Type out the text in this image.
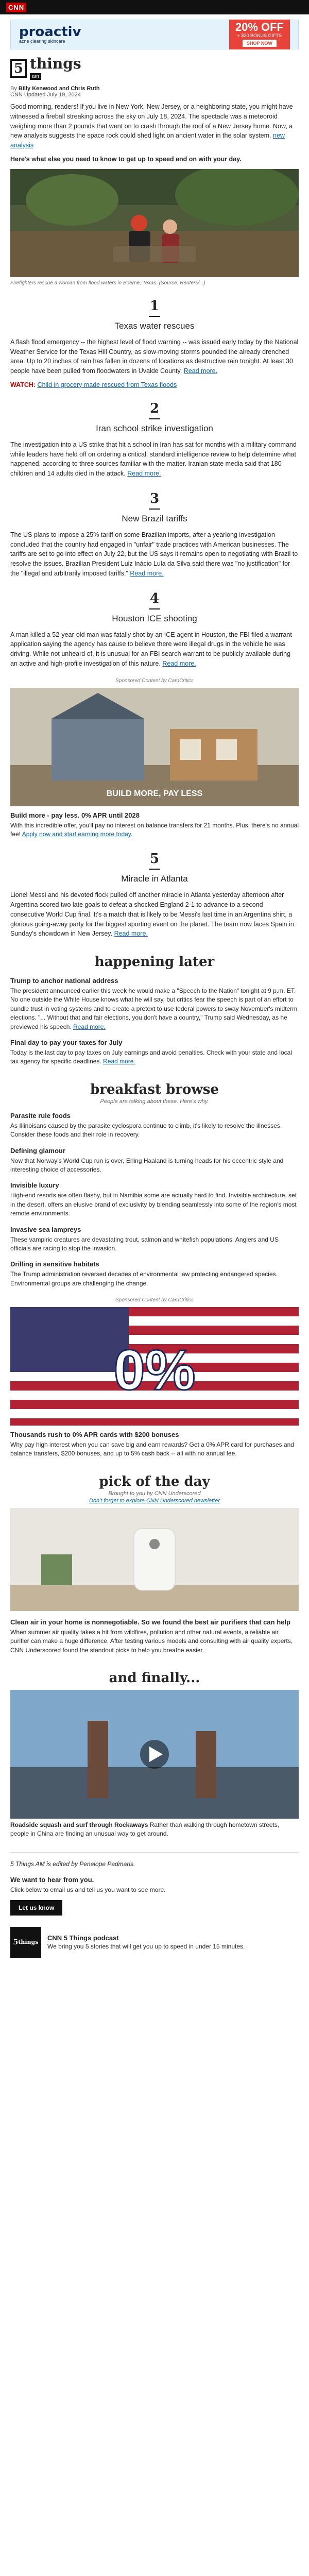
CNN
proactiv
acne clearing skincare
20% OFF
+ $20 BONUS GIFTS
SHOP NOW
5 things
am
By Billy Kenwood and Chris Ruth
CNN Updated July 19, 2024
Good morning, readers! If you live in New York, New Jersey, or a neighboring state, you might have witnessed a fireball streaking across the sky on July 18, 2024. The spectacle was a meteoroid weighing more than 2 pounds that went on to crash through the roof of a New Jersey home. Now, a new analysis suggests the space rock could shed light on ancient water in the solar system. new analysis
Here's what else you need to know to get up to speed and on with your day.
Firefighters rescue a woman from flood waters in Boerne, Texas. (Source: Reuters/...)
1
Texas water rescues
A flash flood emergency -- the highest level of flood warning -- was issued early today by the National Weather Service for the Texas Hill Country, as slow-moving storms pounded the already drenched area. Up to 20 inches of rain has fallen in dozens of locations as destructive rain tonight. At least 30 people have been pulled from floodwaters in Uvalde County. Read more.
WATCH: Child in grocery made rescued from Texas floods
2
Iran school strike investigation
The investigation into a US strike that hit a school in Iran has sat for months with a military command while leaders have held off on ordering a critical, standard intelligence review to help determine what happened, according to three sources familiar with the matter. Iranian state media said that 180 children and 14 adults died in the attack. Read more.
3
New Brazil tariffs
The US plans to impose a 25% tariff on some Brazilian imports, after a yearlong investigation concluded that the country had engaged in "unfair" trade practices with American businesses. The tariffs are set to go into effect on July 22, but the US says it remains open to negotiating with Brazil to resolve the issues. Brazilian President Luiz Inácio Lula da Silva said there was "no justification" for the "illegal and arbitrarily imposed tariffs." Read more.
4
Houston ICE shooting
A man killed a 52-year-old man was fatally shot by an ICE agent in Houston, the FBI filed a warrant application saying the agency has cause to believe there were illegal drugs in the vehicle he was driving. While not unheard of, it is unusual for an FBI search warrant to be publicly available during an active and high-profile investigation of this nature. Read more.
Sponsored Content by CardCritics
BUILD MORE, PAY LESS
Build more - pay less. 0% APR until 2028
With this incredible offer, you'll pay no interest on balance transfers for 21 months. Plus, there's no annual fee! Apply now and start earning more today.
5
Miracle in Atlanta
Lionel Messi and his devoted flock pulled off another miracle in Atlanta yesterday afternoon after Argentina scored two late goals to defeat a shocked England 2-1 to advance to a second consecutive World Cup final. It's a match that is likely to be Messi's last time in an Argentina shirt, a glorious going-away party for the biggest sporting event on the planet. The team now faces Spain in Sunday's showdown in New Jersey. Read more.
happening later
Trump to anchor national address
The president announced earlier this week he would make a "Speech to the Nation" tonight at 9 p.m. ET. No one outside the White House knows what he will say, but critics fear the speech is part of an effort to bundle trust in voting systems and to create a pretext to use federal powers to sway November's midterm elections. "... Without that and fair elections, you don't have a country," Trump said Wednesday, as he previewed his speech. Read more.
Final day to pay your taxes for July
Today is the last day to pay taxes on July earnings and avoid penalties. Check with your state and local tax agency for specific deadlines. Read more.
breakfast browse
People are talking about these. Here's why.
Parasite rule foods
As Illinoisans caused by the parasite cyclospora continue to climb, it's likely to resolve the illnesses. Consider these foods and their role in recovery.
Defining glamour
Now that Norway's World Cup run is over, Erling Haaland is turning heads for his eccentric style and interesting choice of accessories.
Invisible luxury
High-end resorts are often flashy, but in Namibia some are actually hard to find. Invisible architecture, set in the desert, offers an elusive brand of exclusivity by blending seamlessly into some of the region's most remote environments.
Invasive sea lampreys
These vampiric creatures are devastating trout, salmon and whitefish populations. Anglers and US officials are racing to stop the invasion.
Drilling in sensitive habitats
The Trump administration reversed decades of environmental law protecting endangered species. Environmental groups are challenging the change.
Sponsored Content by CardCritics
0%
Thousands rush to 0% APR cards with $200 bonuses
Why pay high interest when you can save big and earn rewards? Get a 0% APR card for purchases and balance transfers, $200 bonuses, and up to 5% cash back -- all with no annual fee.
pick of the day
Brought to you by CNN Underscored
Don't forget to explore CNN Underscored newsletter
Clean air in your home is nonnegotiable. So we found the best air purifiers that can help
When summer air quality takes a hit from wildfires, pollution and other natural events, a reliable air purifier can make a huge difference. After testing various models and consulting with air quality experts, CNN Underscored found the standout picks to help you breathe easier.
and finally...
Roadside squash and surf through Rockaways Rather than walking through hometown streets, people in China are finding an unusual way to get around.
5 Things AM is edited by Penelope Padmaris.
We want to hear from you.
Click below to email us and tell us you want to see more.
Let us know
5 things
CNN 5 Things podcast
We bring you 5 stories that will get you up to speed in under 15 minutes.
